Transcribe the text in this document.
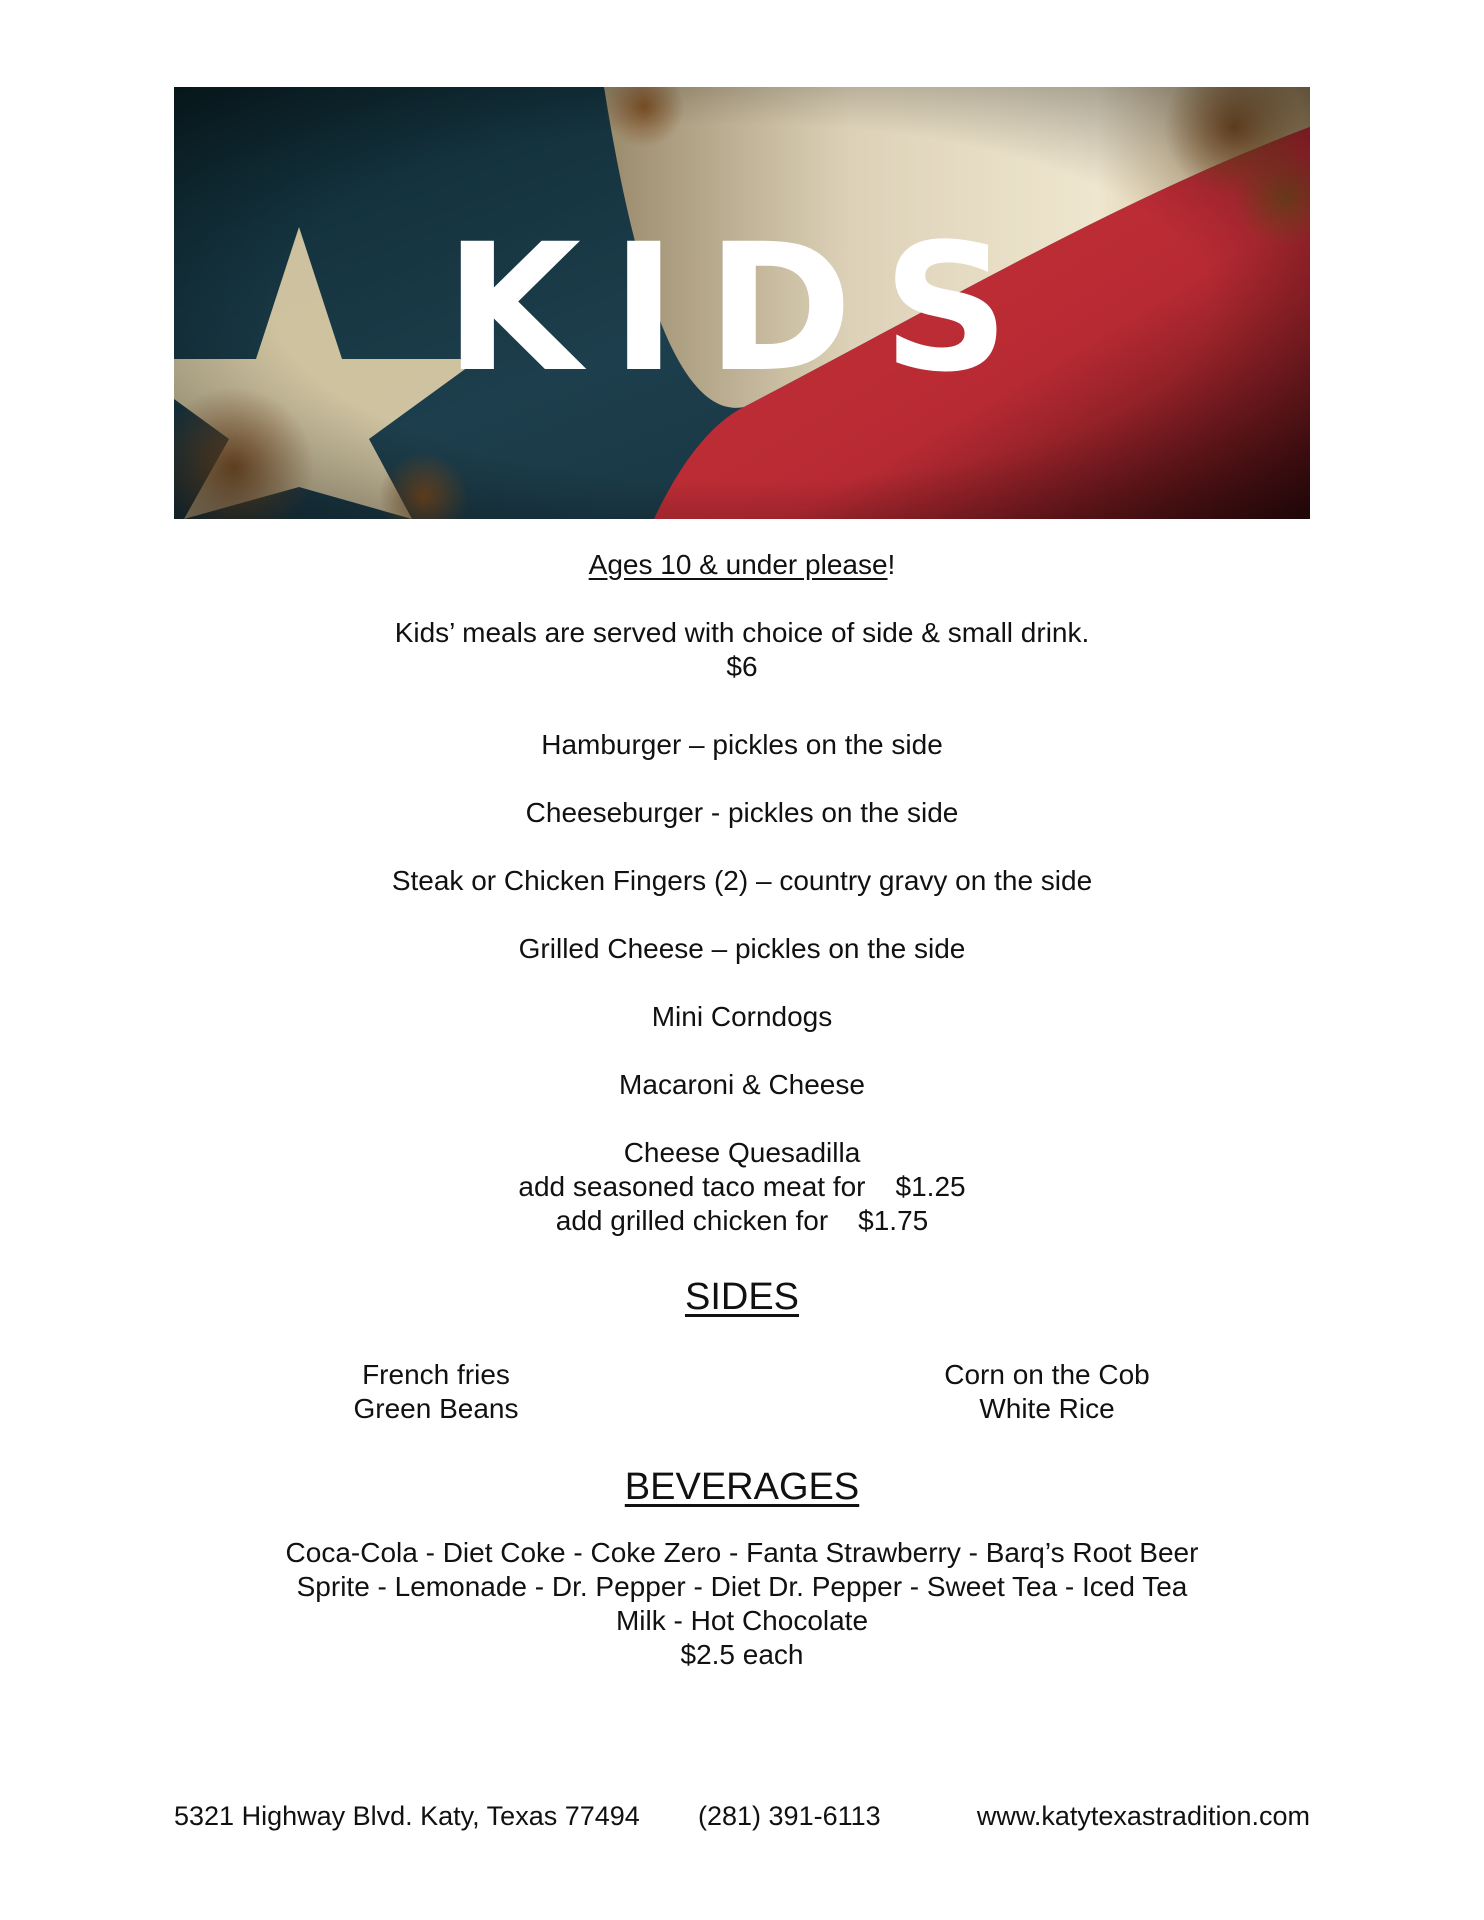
KIDS
Ages 10 & under please!
Kids’ meals are served with choice of side & small drink.
$6
Hamburger – pickles on the side
Cheeseburger - pickles on the side
Steak or Chicken Fingers (2) – country gravy on the side
Grilled Cheese – pickles on the side
Mini Corndogs
Macaroni & Cheese
Cheese Quesadilla
add seasoned taco meat for $1.25
add grilled chicken for $1.75
SIDES
French fries
Green Beans
Corn on the Cob
White Rice
BEVERAGES
Coca-Cola - Diet Coke - Coke Zero - Fanta Strawberry - Barq’s Root Beer
Sprite - Lemonade - Dr. Pepper - Diet Dr. Pepper - Sweet Tea - Iced Tea
Milk - Hot Chocolate
$2.5 each
5321 Highway Blvd. Katy, Texas 77494 (281) 391-6113	www.katytexastradition.com
